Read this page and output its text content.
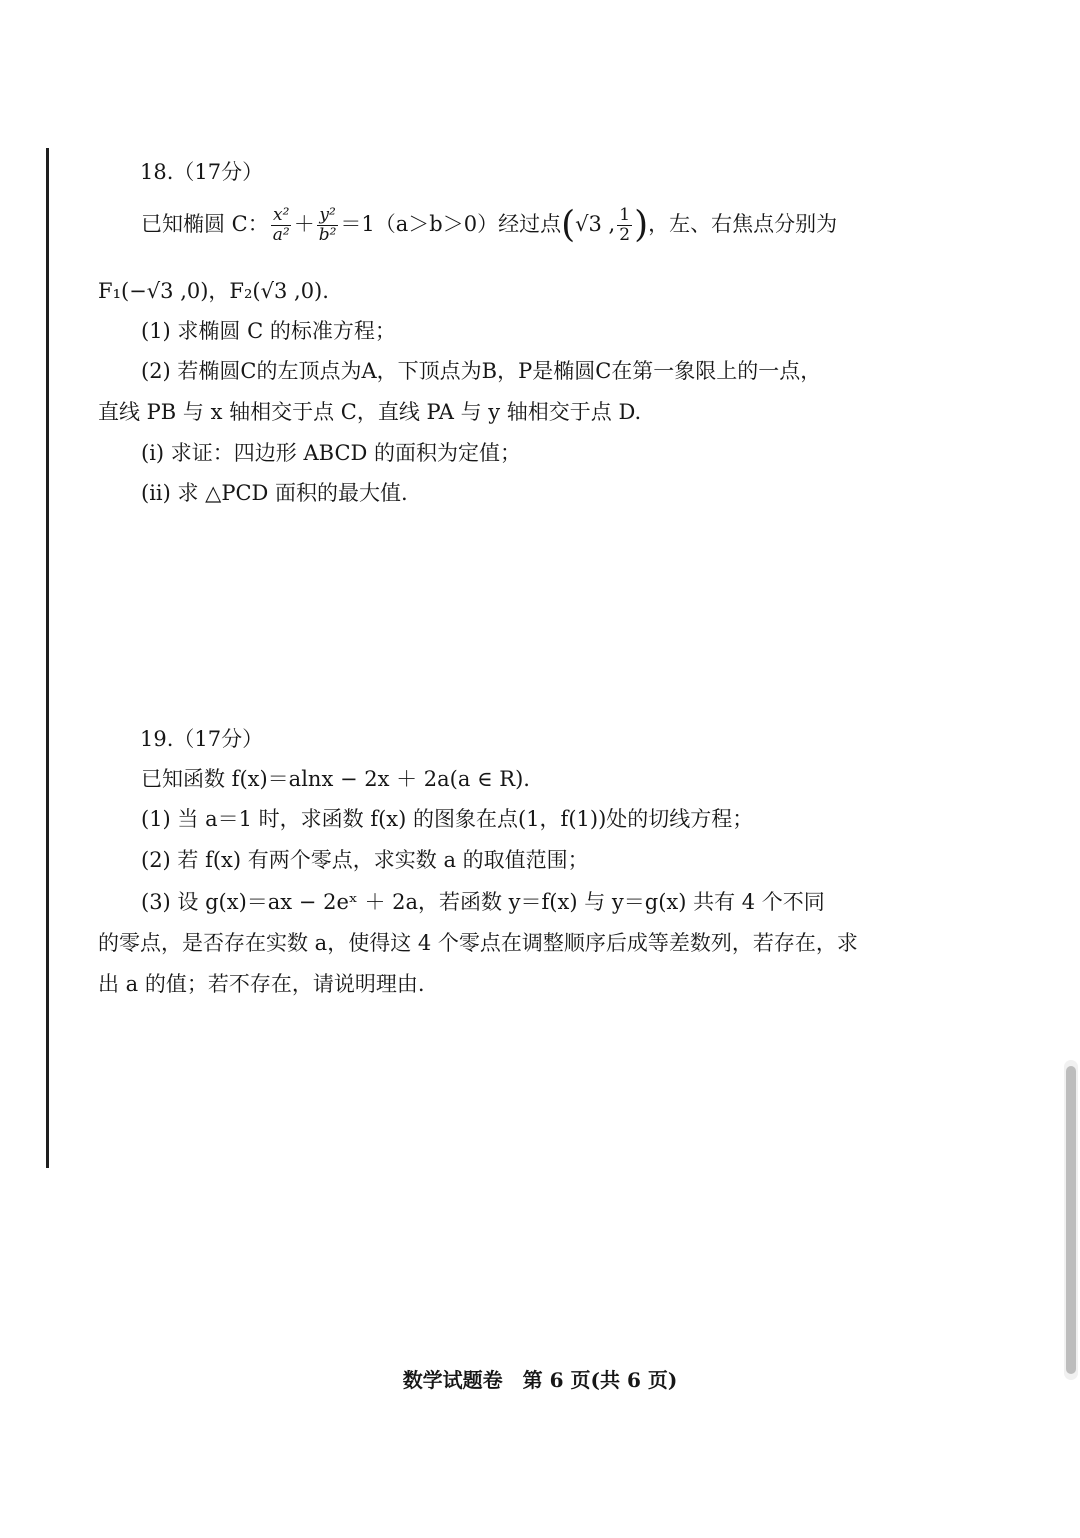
18.（17分）
已知椭圆 C： $\frac{\text{x²}}{\text{a²}} + \frac{\text{y²}}{\text{b²}} =1(a>b>0)$经过点(√3 , $\frac{1}{2}$ )，左、右焦点分别为
F₁(−√3 ,0)，F₂(√3 ,0).
(1) 求椭圆 C 的标准方程；
(2) 若椭圆C的左顶点为A，下顶点为B，P是椭圆C在第一象限上的一点，
直线 PB 与 x 轴相交于点 C，直线 PA 与 y 轴相交于点 D.
(i) 求证：四边形 ABCD 的面积为定值；
(ii) 求 △PCD 面积的最大值.
19.（17分）
已知函数 f(x)＝alnx − 2x ＋ 2a(a ∈ R).
(1) 当 a＝1 时，求函数 f(x) 的图象在点(1，f(1))处的切线方程；
(2) 若 f(x) 有两个零点，求实数 a 的取值范围；
(3) 设 g(x)＝ax − 2eˣ ＋ 2a，若函数 y＝f(x) 与 y＝g(x) 共有 4 个不同
的零点，是否存在实数 a，使得这 4 个零点在调整顺序后成等差数列，若存在，求
出 a 的值；若不存在，请说明理由.
数学试题卷　第 6 页(共 6 页)
